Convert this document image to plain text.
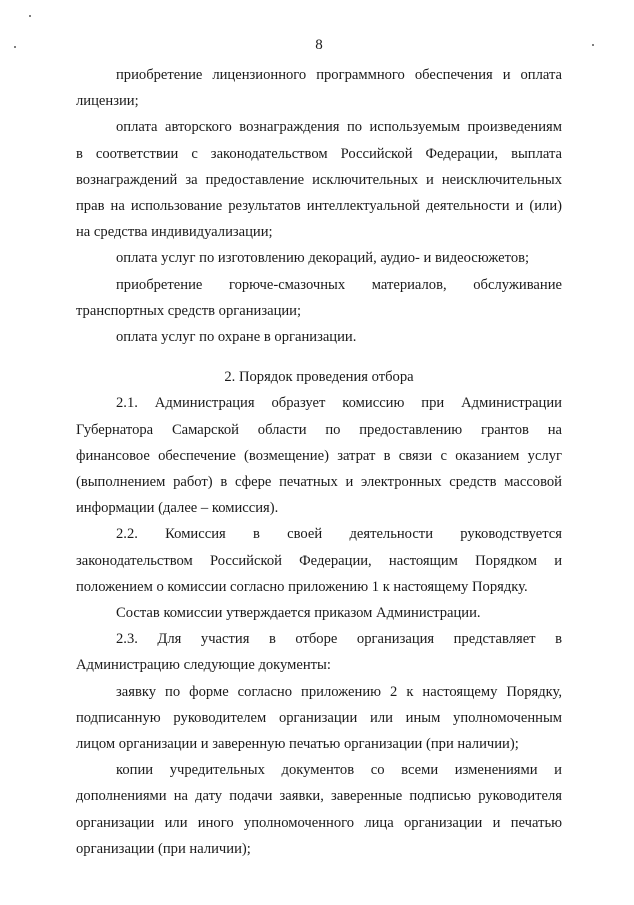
8

приобретение лицензионного программного обеспечения и оплата

лицензии;

оплата авторского вознаграждения по используемым произведениям

в соответствии с законодательством Российской Федерации, выплата

вознаграждений за предоставление исключительных и неисключительных

прав на использование результатов интеллектуальной деятельности и (или)

на средства индивидуализации;

оплата услуг по изготовлению декораций, аудио- и видеосюжетов;

приобретение горюче-смазочных материалов, обслуживание

транспортных средств организации;

оплата услуг по охране в организации.

2. Порядок проведения отбора

2.1. Администрация образует комиссию при Администрации

Губернатора Самарской области по предоставлению грантов на

финансовое обеспечение (возмещение) затрат в связи с оказанием услуг

(выполнением работ) в сфере печатных и электронных средств массовой

информации (далее – комиссия).

2.2. Комиссия в своей деятельности руководствуется

законодательством Российской Федерации, настоящим Порядком и

положением о комиссии согласно приложению 1 к настоящему Порядку.

Состав комиссии утверждается приказом Администрации.

2.3. Для участия в отборе организация представляет в

Администрацию следующие документы:

заявку по форме согласно приложению 2 к настоящему Порядку,

подписанную руководителем организации или иным уполномоченным

лицом организации и заверенную печатью организации (при наличии);

копии учредительных документов со всеми изменениями и

дополнениями на дату подачи заявки, заверенные подписью руководителя

организации или иного уполномоченного лица организации и печатью

организации (при наличии);
